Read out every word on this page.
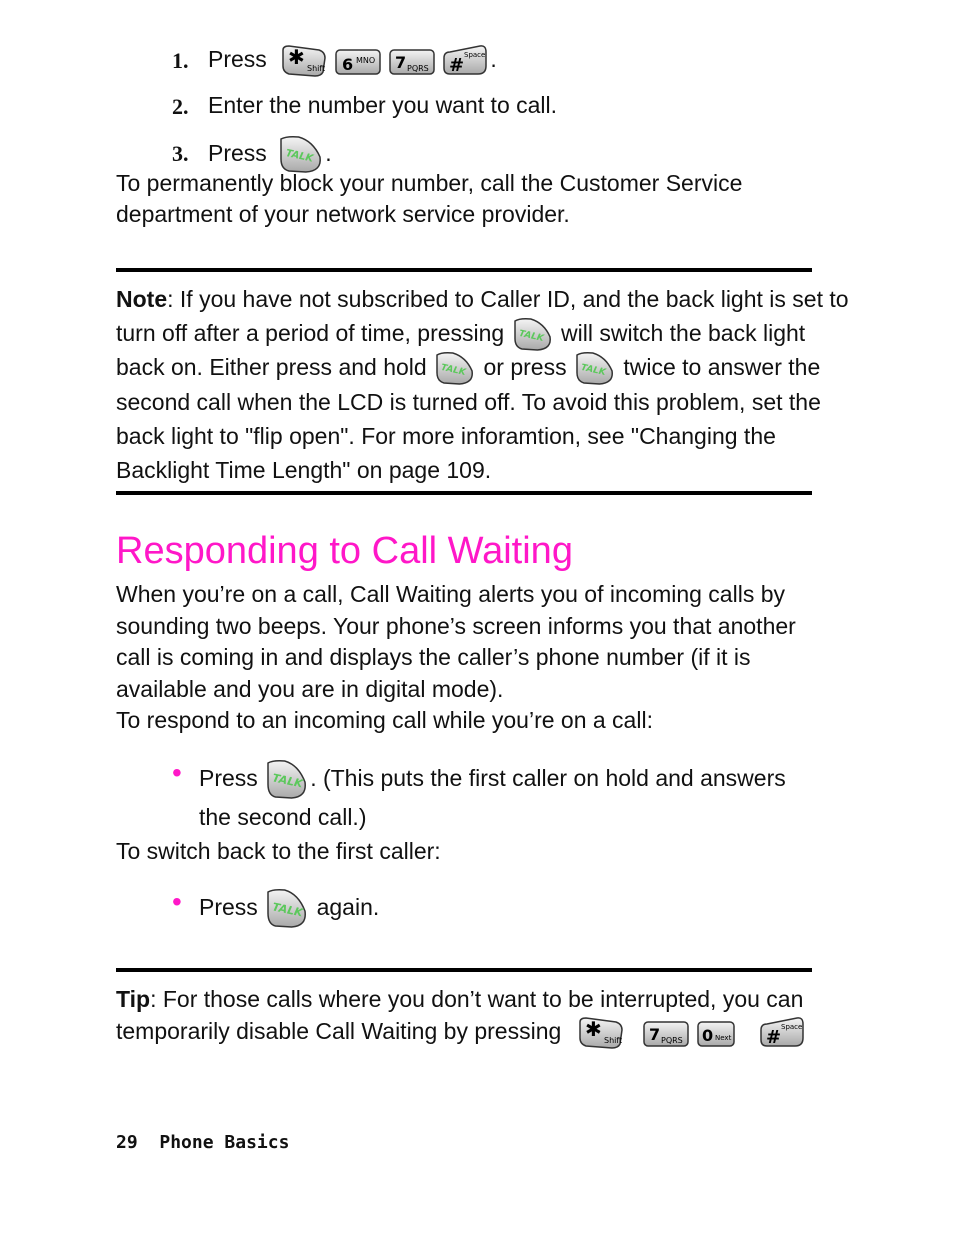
1. Press ✱ Shift
6 MNO
7 PQRS
# Space .
2. Enter the number you want to call.
3. Press TALK .
To permanently block your number, call the Customer Service
department of your network service provider.
Note: If you have not subscribed to Caller ID, and the back light is set to
turn off after a period of time, pressing TALK will switch the back light
back on. Either press and hold TALK or press TALK twice to answer the
second call when the LCD is turned off. To avoid this problem, set the
back light to "flip open". For more inforamtion, see "Changing the
Backlight Time Length" on page 109.
Responding to Call Waiting
When you’re on a call, Call Waiting alerts you of incoming calls by
sounding two beeps. Your phone’s screen informs you that another
call is coming in and displays the caller’s phone number (if it is
available and you are in digital mode).
To respond to an incoming call while you’re on a call:
• Press TALK . (This puts the first caller on hold and answers
the second call.)
To switch back to the first caller:
• Press TALK again.
Tip: For those calls where you don’t want to be interrupted, you can
temporarily disable Call Waiting by pressing ✱ Shift
7 PQRS
0 Next
# Space
29 Phone Basics
